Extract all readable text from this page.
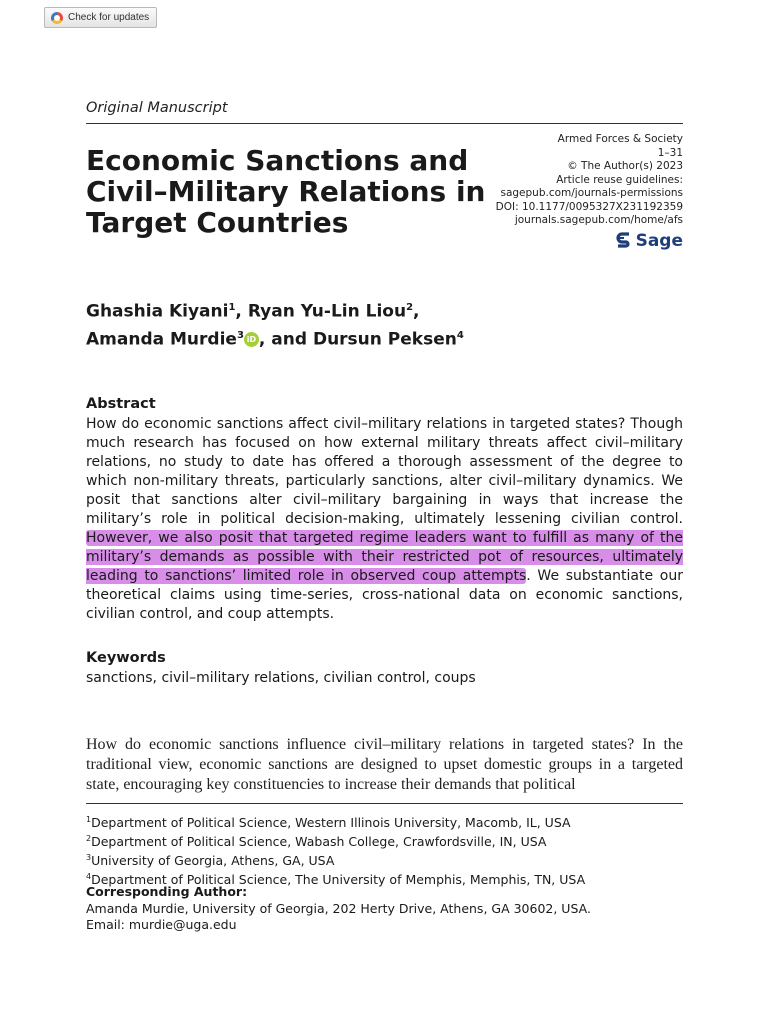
Check for updates
Original Manuscript
Economic Sanctions and Civil–Military Relations in Target Countries
Armed Forces & Society
1–31
© The Author(s) 2023
Article reuse guidelines:
sagepub.com/journals-permissions
DOI: 10.1177/0095327X231192359
journals.sagepub.com/home/afs
Sage

Ghashia Kiyani$^1$, Ryan Yu-Lin Liou$^2$,
Amanda Murdie$^3$ iD , and Dursun Peksen$^4$

Abstract

How do economic sanctions affect civil–military relations in targeted states? Though much research has focused on how external military threats affect civil–military relations, no study to date has offered a thorough assessment of the degree to which non-military threats, particularly sanctions, alter civil–military dynamics. We posit that sanctions alter civil–military bargaining in ways that increase the military’s role in political decision-making, ultimately lessening civilian control. However, we also posit that targeted regime leaders want to fulfill as many of the military’s demands as possible with their restricted pot of resources, ultimately leading to sanctions’ limited role in observed coup attempts. We substantiate our theoretical claims using time-series, cross-national data on economic sanctions, civilian control, and coup attempts.

Keywords
sanctions, civil–military relations, civilian control, coups

How do economic sanctions influence civil–military relations in targeted states? In the traditional view, economic sanctions are designed to upset domestic groups in a targeted state, encouraging key constituencies to increase their demands that political

$^1$Department of Political Science, Western Illinois University, Macomb, IL, USA
$^2$Department of Political Science, Wabash College, Crawfordsville, IN, USA
$^3$University of Georgia, Athens, GA, USA
$^4$Department of Political Science, The University of Memphis, Memphis, TN, USA
Corresponding Author:
Amanda Murdie, University of Georgia, 202 Herty Drive, Athens, GA 30602, USA.
Email: murdie@uga.edu
